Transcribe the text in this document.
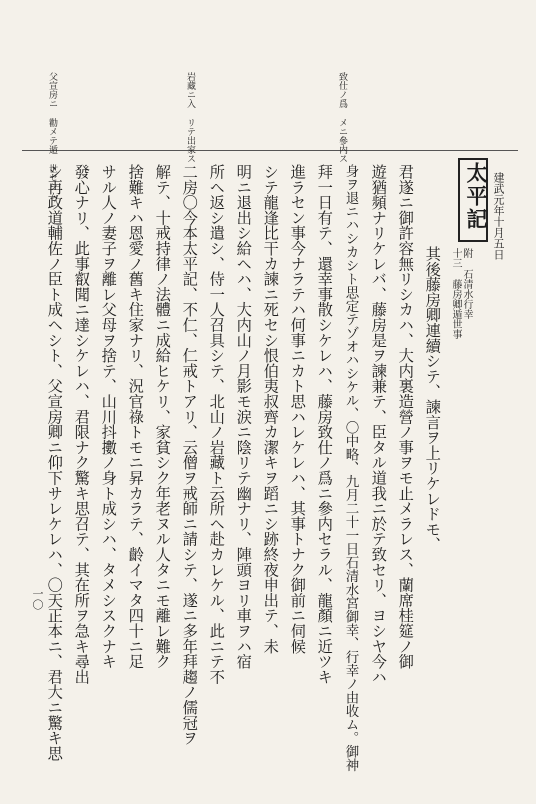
建武元年十月五日
一〇
致仕ノ爲 メニ參内ス
岩藏ニ入 リテ出家ス
父宣房ニ 勸メテ遁 世セシム	太平記
十三 藤房卿遁世事 附 石清水行幸
其後藤房卿連續シテ、諫言ヲ上リケレドモ、
君遂ニ御許容無リシカハ、大内裏造營ノ事ヲモ止メラレス、蘭席桂筵ノ御
遊猶頻ナリケレバ、藤房是ヲ諫兼テ、臣タル道我ニ於テ致セリ、ヨシヤ今ハ
身ヲ退ニハシカシト思定テゾオハシケル、〇中略、九月二十一日石清水宮御幸、行幸ノ由收ム。御神
拜一日有テ、還幸事散シケレハ、藤房致仕ノ爲ニ參内セラル、龍顏ニ近ツキ
進ラセン事今ナラテハ何事ニカト思ハレケレハ、其事トナク御前ニ伺候
シテ龍逢比干カ諫ニ死セシ恨伯夷叔齊カ潔キヲ蹈ニシ跡終夜申出テ、未
明ニ退出シ給ヘハ、大内山ノ月影モ涙ニ陰リテ幽ナリ、陣頭ヨリ車ヲハ宿
所ヘ返シ遣シ、侍一人召具シテ、北山ノ岩藏ト云所ヘ赴カレケル、此ニテ不
二房〇今本太平記、不仁、仁戒トアリ、云僧ヲ戒師ニ請シテ、遂ニ多年拜趨ノ儒冠ヲ
解テ、十戒持律ノ法體ニ成給ヒケリ、家貧シク年老ヌル人タニモ離レ難ク
捨難キハ恩愛ノ舊キ住家ナリ、況官祿トモニ昇カラテ、齡イマタ四十ニ足
サル人ノ妻子ヲ離レ父母ヲ捨テ、山川抖擻ノ身ト成シハ、タメシスクナキ
發心ナリ、此事叡聞ニ達シケレハ、君限ナク驚キ思召テ、其在所ヲ急キ尋出
シ再政道輔佐ノ臣ト成ヘシト、父宣房卿ニ仰下サレケレハ、〇天正本ニ、君大ニ驚キ思
